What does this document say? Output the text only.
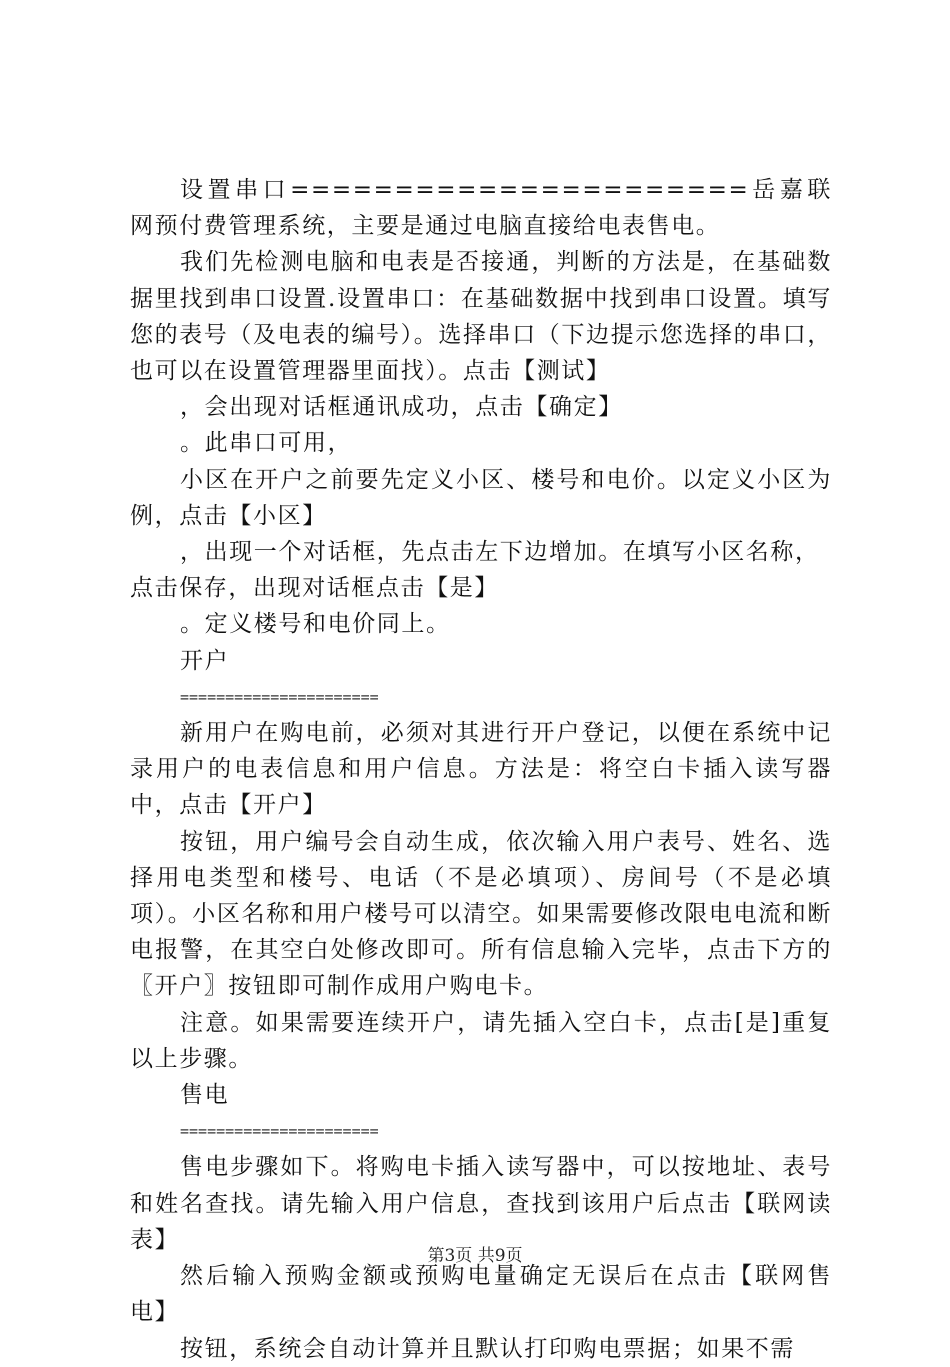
设置串口======================岳嘉联网预付费管理系统，主要是通过电脑直接给电表售电。

我们先检测电脑和电表是否接通，判断的方法是，在基础数据里找到串口设置.设置串口：在基础数据中找到串口设置。填写您的表号（及电表的编号）。选择串口（下边提示您选择的串口，也可以在设置管理器里面找）。点击【测试】

，会出现对话框通讯成功，点击【确定】

。此串口可用，

小区在开户之前要先定义小区、楼号和电价。以定义小区为例，点击【小区】

，出现一个对话框，先点击左下边增加。在填写小区名称，点击保存，出现对话框点击【是】

。定义楼号和电价同上。

开户

======================

新用户在购电前，必须对其进行开户登记，以便在系统中记录用户的电表信息和用户信息。方法是：将空白卡插入读写器中，点击【开户】

按钮，用户编号会自动生成，依次输入用户表号、姓名、选择用电类型和楼号、电话（不是必填项）、房间号（不是必填项）。小区名称和用户楼号可以清空。如果需要修改限电电流和断电报警，在其空白处修改即可。所有信息输入完毕，点击下方的〖开户〗按钮即可制作成用户购电卡。

注意。如果需要连续开户，请先插入空白卡，点击[是]重复以上步骤。

售电

======================

售电步骤如下。将购电卡插入读写器中，可以按地址、表号和姓名查找。请先输入用户信息，查找到该用户后点击【联网读表】

然后输入预购金额或预购电量确定无误后在点击【联网售电】

按钮，系统会自动计算并且默认打印购电票据；如果不需

第3页 共9页
